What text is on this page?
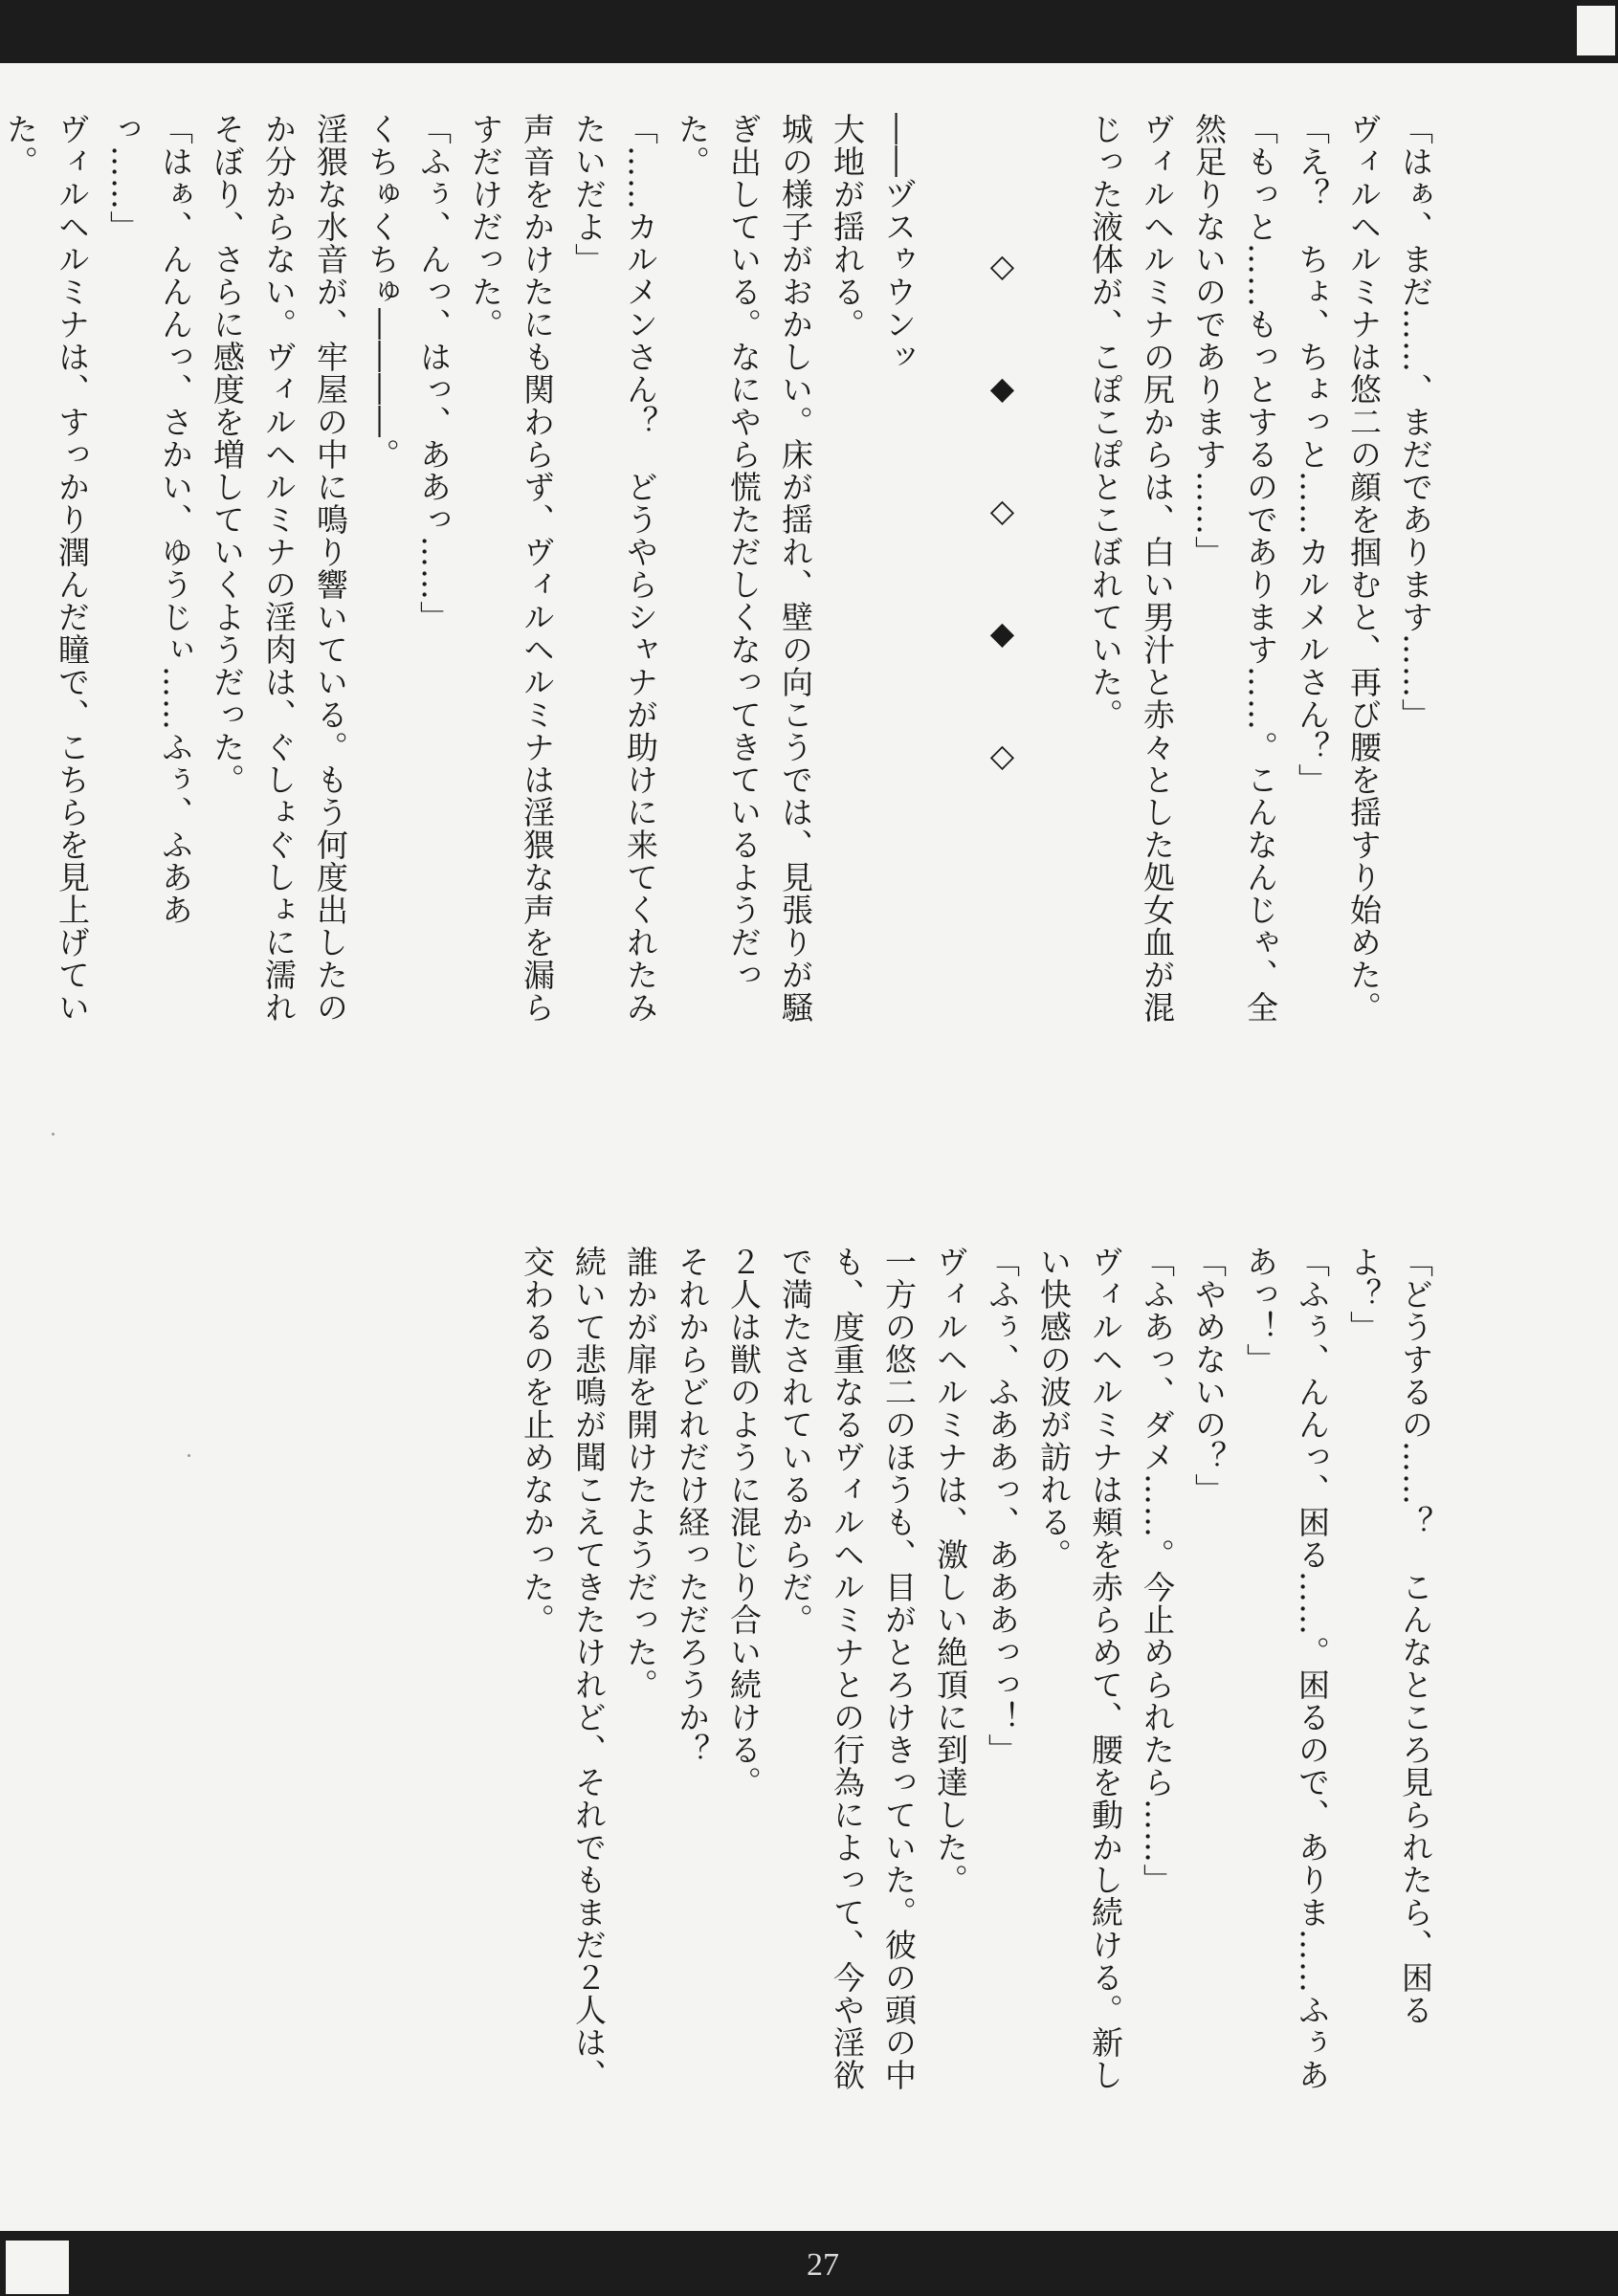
「はぁ、まだ……、まだであります……」

ヴィルヘルミナは悠二の顔を掴むと、再び腰を揺すり始めた。

「え？　ちょ、ちょっと……カルメルさん？」

「もっと……もっとするのであります……。こんなんじゃ、全然足りないのであります……」

ヴィルヘルミナの尻からは、白い男汁と赤々とした処女血が混じった液体が、こぽこぽとこぼれていた。

◇　◆　◇　◆　◇

――ヅスゥウンッ

大地が揺れる。

城の様子がおかしい。床が揺れ、壁の向こうでは、見張りが騒ぎ出している。なにやら慌ただしくなってきているようだった。

「……カルメンさん？　どうやらシャナが助けに来てくれたみたいだよ」

声音をかけたにも関わらず、ヴィルヘルミナは淫猥な声を漏らすだけだった。

「ふぅ、んっ、はっ、ああっ……」

くちゅくちゅ――――。

淫猥な水音が、牢屋の中に鳴り響いている。もう何度出したのか分からない。ヴィルヘルミナの淫肉は、ぐしょぐしょに濡れそぼり、さらに感度を増していくようだった。

「はぁ、んんんっ、さかい、ゆうじぃ……ふぅ、ふああっ……」

ヴィルヘルミナは、すっかり潤んだ瞳で、こちらを見上げていた。

「どうするの……？　こんなところ見られたら、困るよ？」

「ふぅ、んんっ、困る……。困るので、ありま……ふぅああっ！」

「やめないの？」

「ふあっ、ダメ……。今止められたら……」

ヴィルヘルミナは頬を赤らめて、腰を動かし続ける。新しい快感の波が訪れる。

「ふぅ、ふああっ、あああっっ！」

ヴィルヘルミナは、激しい絶頂に到達した。

一方の悠二のほうも、目がとろけきっていた。彼の頭の中も、度重なるヴィルヘルミナとの行為によって、今や淫欲で満たされているからだ。

２人は獣のように混じり合い続ける。

それからどれだけ経っただろうか？

誰かが扉を開けたようだった。

続いて悲鳴が聞こえてきたけれど、それでもまだ２人は、交わるのを止めなかった。

27
